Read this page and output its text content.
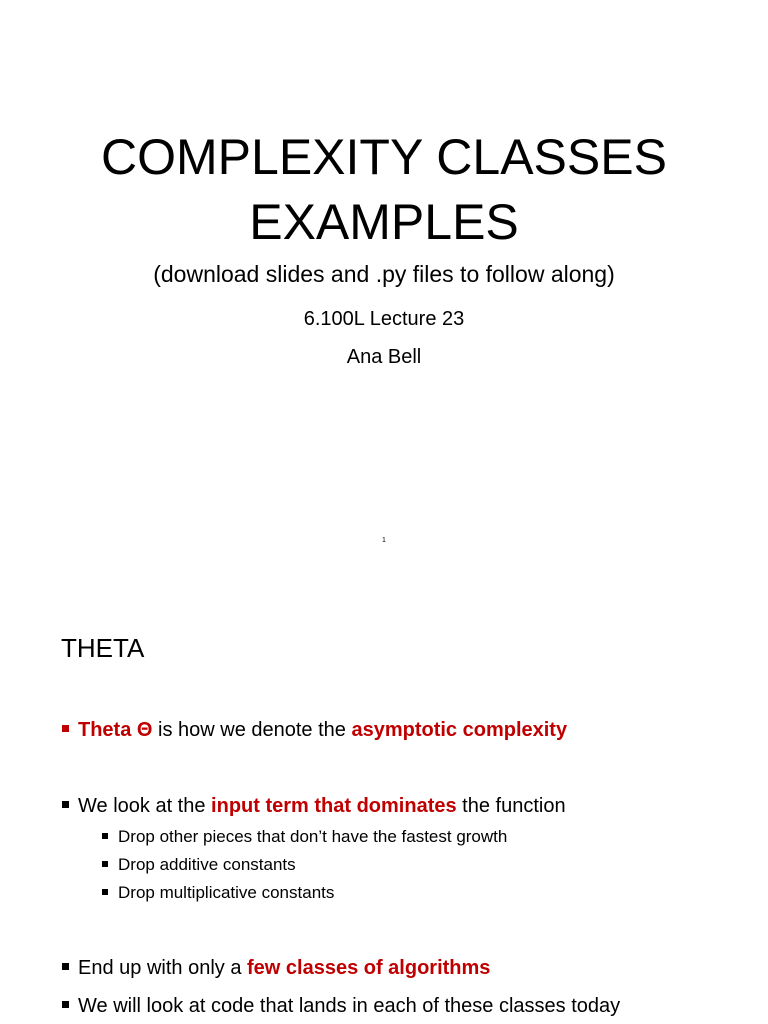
COMPLEXITY CLASSES
EXAMPLES
(download slides and .py files to follow along)
6.100L Lecture 23
Ana Bell
1
THETA
Theta Θ is how we denote the asymptotic complexity
We look at the input term that dominates the function
Drop other pieces that don’t have the fastest growth
Drop additive constants
Drop multiplicative constants
End up with only a few classes of algorithms
We will look at code that lands in each of these classes today
